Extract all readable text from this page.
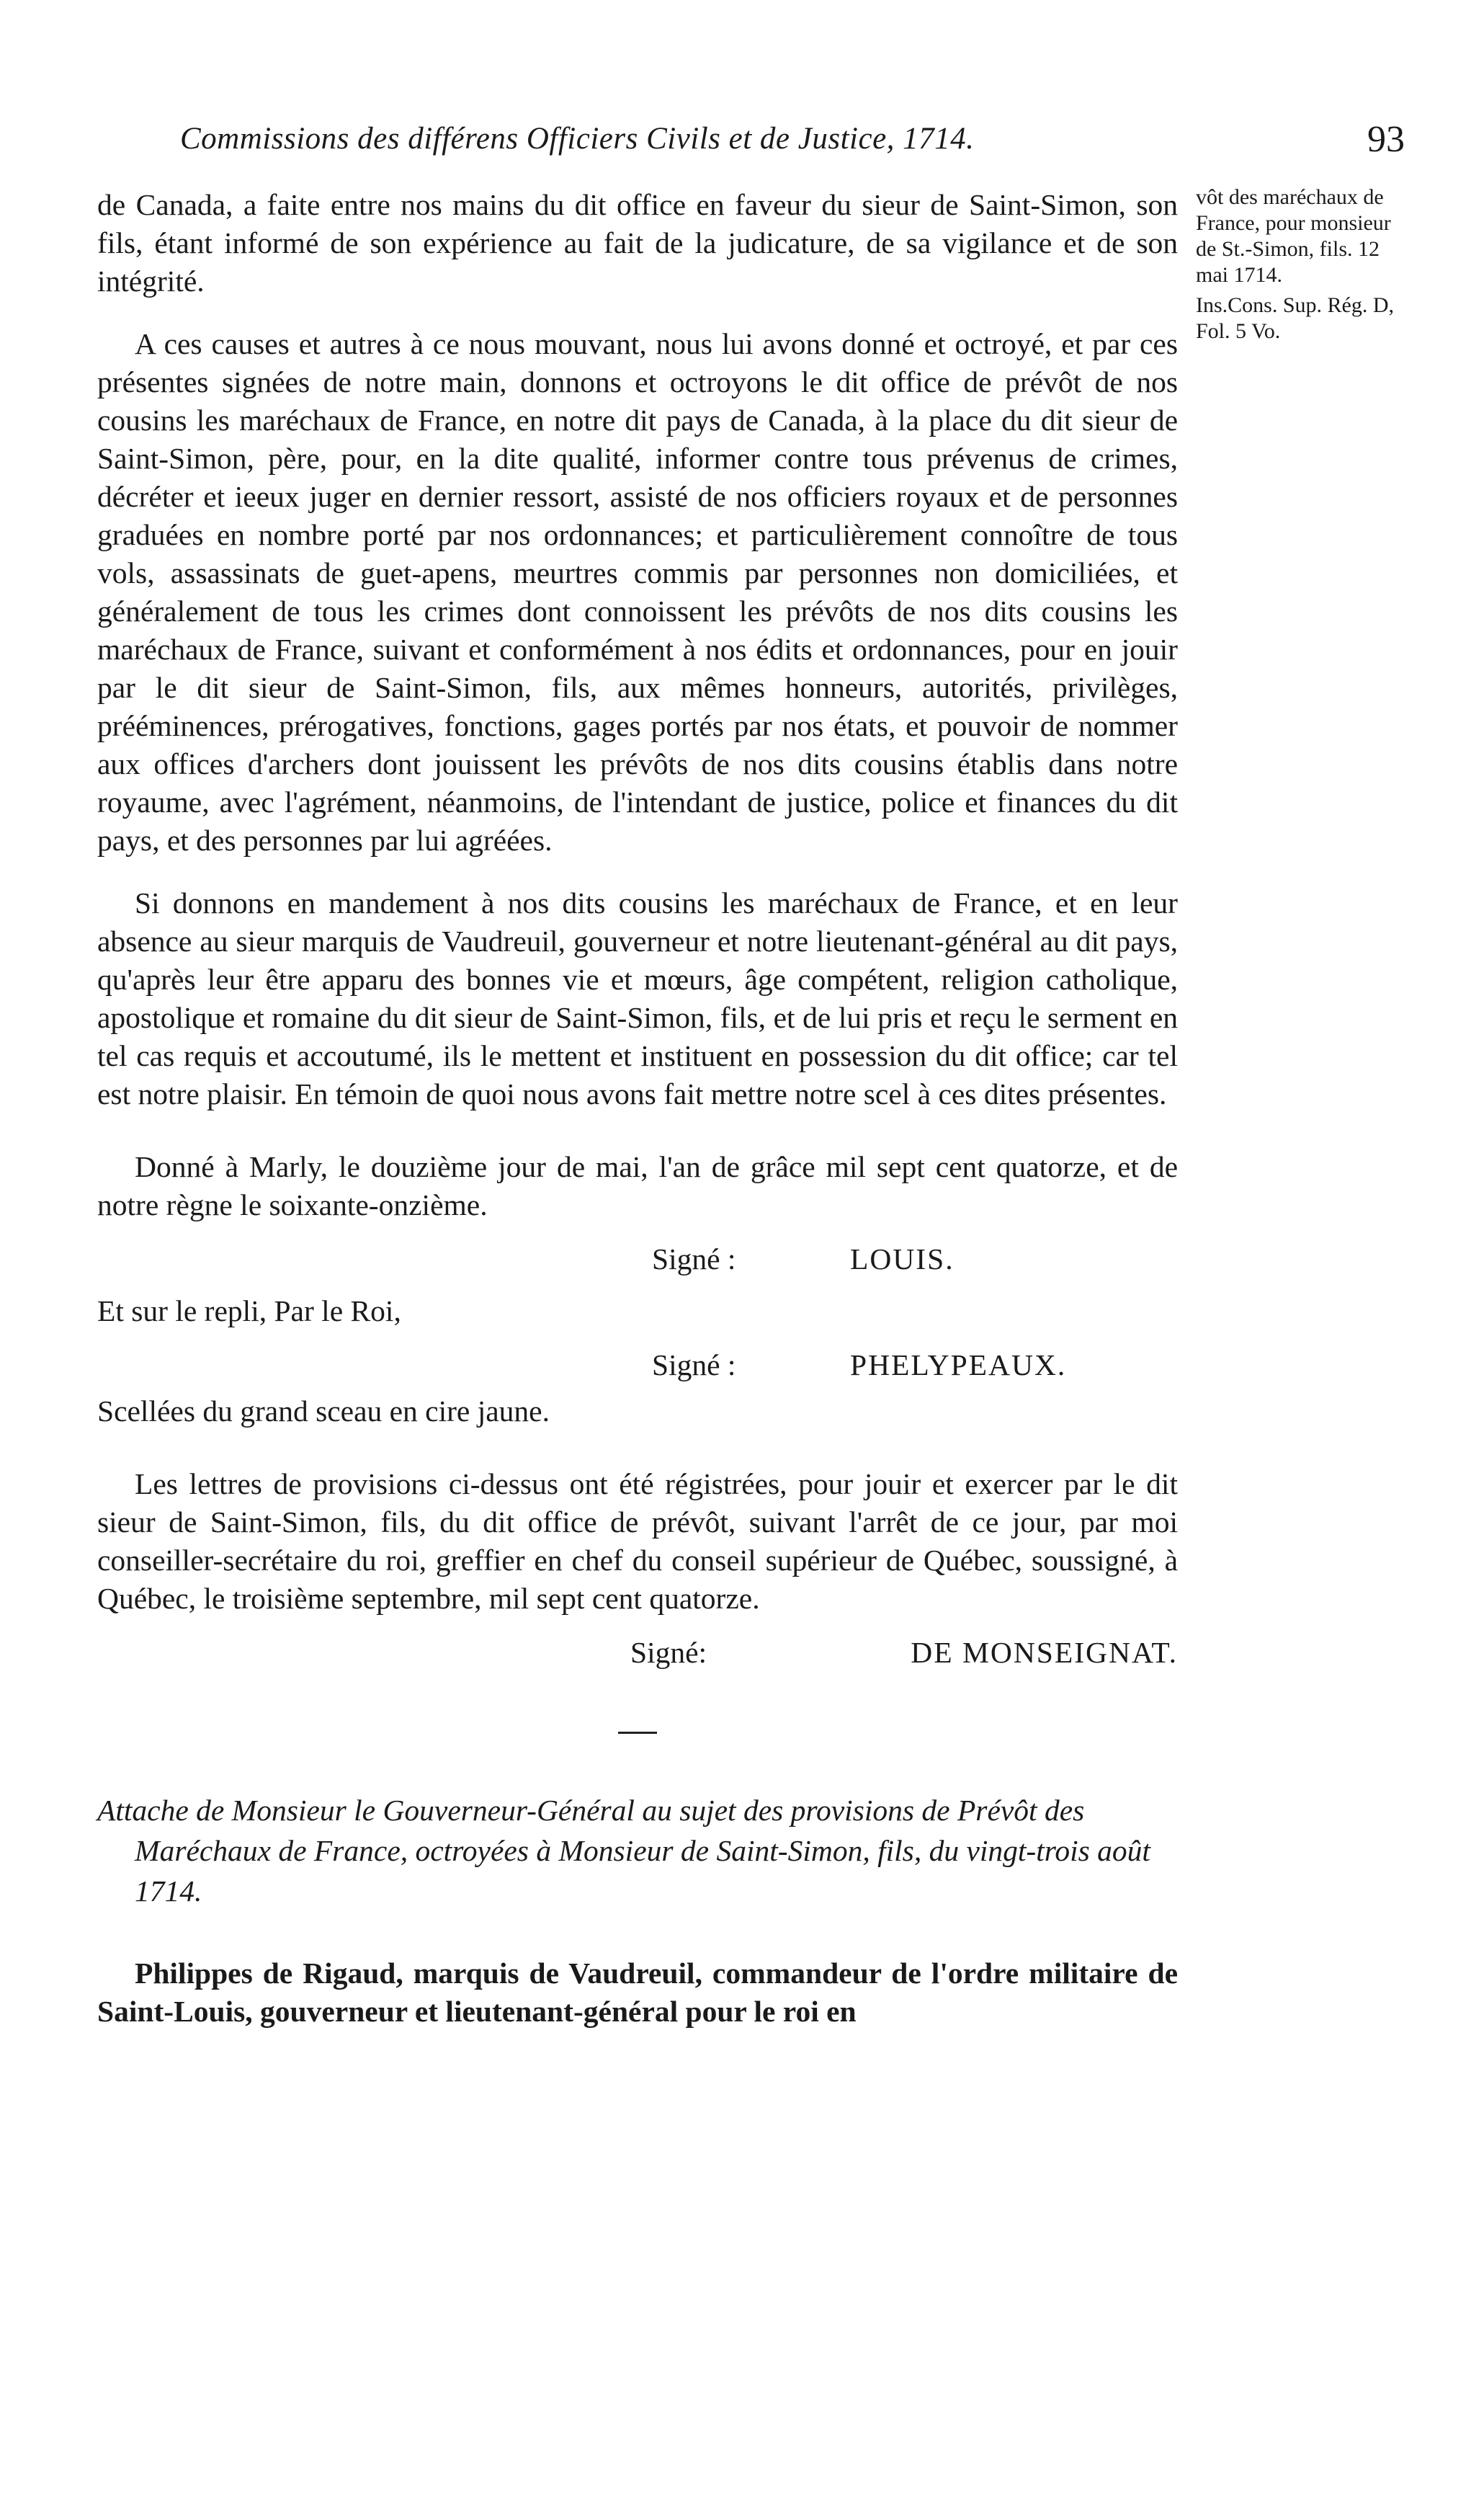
Commissions des différens Officiers Civils et de Justice, 1714.	93

vôt des maréchaux de France, pour monsieur de St.-Simon, fils. 12 mai 1714.

Ins.Cons. Sup. Rég. D, Fol. 5 Vo.

de Canada, a faite entre nos mains du dit office en faveur du sieur de Saint-Simon, son fils, étant informé de son expérience au fait de la judicature, de sa vigilance et de son intégrité.

A ces causes et autres à ce nous mouvant, nous lui avons donné et octroyé, et par ces présentes signées de notre main, donnons et octroyons le dit office de prévôt de nos cousins les maréchaux de France, en notre dit pays de Canada, à la place du dit sieur de Saint-Simon, père, pour, en la dite qualité, informer contre tous prévenus de crimes, décréter et ieeux juger en dernier ressort, assisté de nos officiers royaux et de personnes graduées en nombre porté par nos ordonnances; et particulièrement connoître de tous vols, assassinats de guet-apens, meurtres commis par personnes non domiciliées, et généralement de tous les crimes dont connoissent les prévôts de nos dits cousins les maréchaux de France, suivant et conformément à nos édits et ordonnances, pour en jouir par le dit sieur de Saint-Simon, fils, aux mêmes honneurs, autorités, privilèges, prééminences, prérogatives, fonctions, gages portés par nos états, et pouvoir de nommer aux offices d'archers dont jouissent les prévôts de nos dits cousins établis dans notre royaume, avec l'agrément, néanmoins, de l'intendant de justice, police et finances du dit pays, et des personnes par lui agréées.

Si donnons en mandement à nos dits cousins les maréchaux de France, et en leur absence au sieur marquis de Vaudreuil, gouverneur et notre lieutenant-général au dit pays, qu'après leur être apparu des bonnes vie et mœurs, âge compétent, religion catholique, apostolique et romaine du dit sieur de Saint-Simon, fils, et de lui pris et reçu le serment en tel cas requis et accoutumé, ils le mettent et instituent en possession du dit office; car tel est notre plaisir. En témoin de quoi nous avons fait mettre notre scel à ces dites présentes.

Donné à Marly, le douzième jour de mai, l'an de grâce mil sept cent quatorze, et de notre règne le soixante-onzième.

Signé :	LOUIS.

Et sur le repli, Par le Roi,

Signé :	PHELYPEAUX.

Scellées du grand sceau en cire jaune.

Les lettres de provisions ci-dessus ont été régistrées, pour jouir et exercer par le dit sieur de Saint-Simon, fils, du dit office de prévôt, suivant l'arrêt de ce jour, par moi conseiller-secrétaire du roi, greffier en chef du conseil supérieur de Québec, soussigné, à Québec, le troisième septembre, mil sept cent quatorze.

Signé:	DE MONSEIGNAT.

Attache de Monsieur le Gouverneur-Général au sujet des provisions de Prévôt des Maréchaux de France, octroyées à Monsieur de Saint-Simon, fils, du vingt-trois août 1714.

Philippes de Rigaud, marquis de Vaudreuil, commandeur de l'ordre militaire de Saint-Louis, gouverneur et lieutenant-général pour le roi en
